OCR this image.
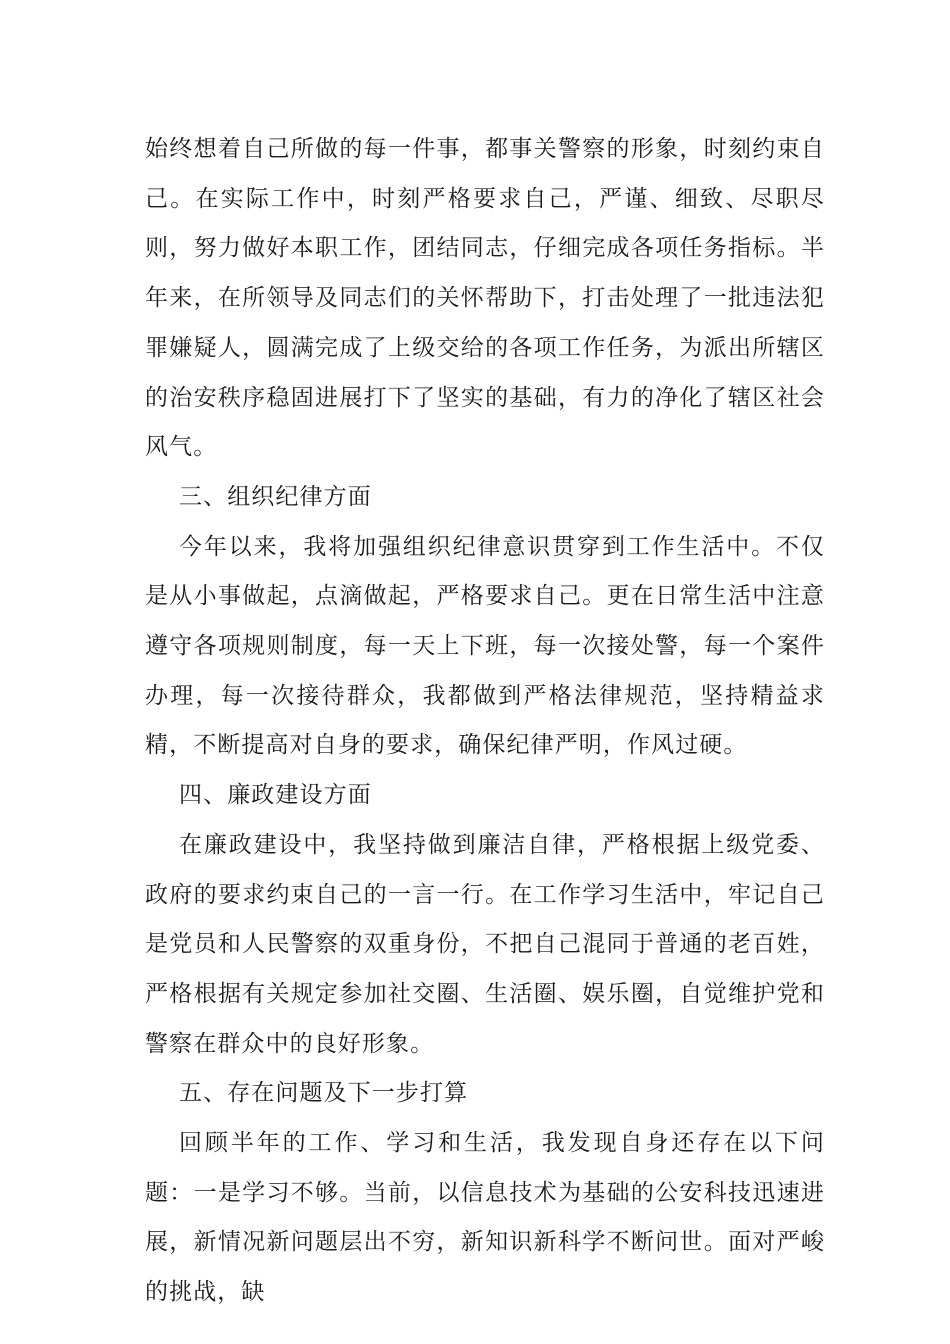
始终想着自己所做的每一件事，都事关警察的形象，时刻约束自己。在实际工作中，时刻严格要求自己，严谨、细致、尽职尽则，努力做好本职工作，团结同志，仔细完成各项任务指标。半年来，在所领导及同志们的关怀帮助下，打击处理了一批违法犯罪嫌疑人，圆满完成了上级交给的各项工作任务，为派出所辖区的治安秩序稳固进展打下了坚实的基础，有力的净化了辖区社会风气。

三、组织纪律方面

今年以来，我将加强组织纪律意识贯穿到工作生活中。不仅是从小事做起，点滴做起，严格要求自己。更在日常生活中注意遵守各项规则制度，每一天上下班，每一次接处警，每一个案件办理，每一次接待群众，我都做到严格法律规范，坚持精益求精，不断提高对自身的要求，确保纪律严明，作风过硬。

四、廉政建设方面

在廉政建设中，我坚持做到廉洁自律，严格根据上级党委、政府的要求约束自己的一言一行。在工作学习生活中，牢记自己是党员和人民警察的双重身份，不把自己混同于普通的老百姓，严格根据有关规定参加社交圈、生活圈、娱乐圈，自觉维护党和警察在群众中的良好形象。

五、存在问题及下一步打算

回顾半年的工作、学习和生活，我发现自身还存在以下问题：一是学习不够。当前，以信息技术为基础的公安科技迅速进展，新情况新问题层出不穷，新知识新科学不断问世。面对严峻的挑战，缺
